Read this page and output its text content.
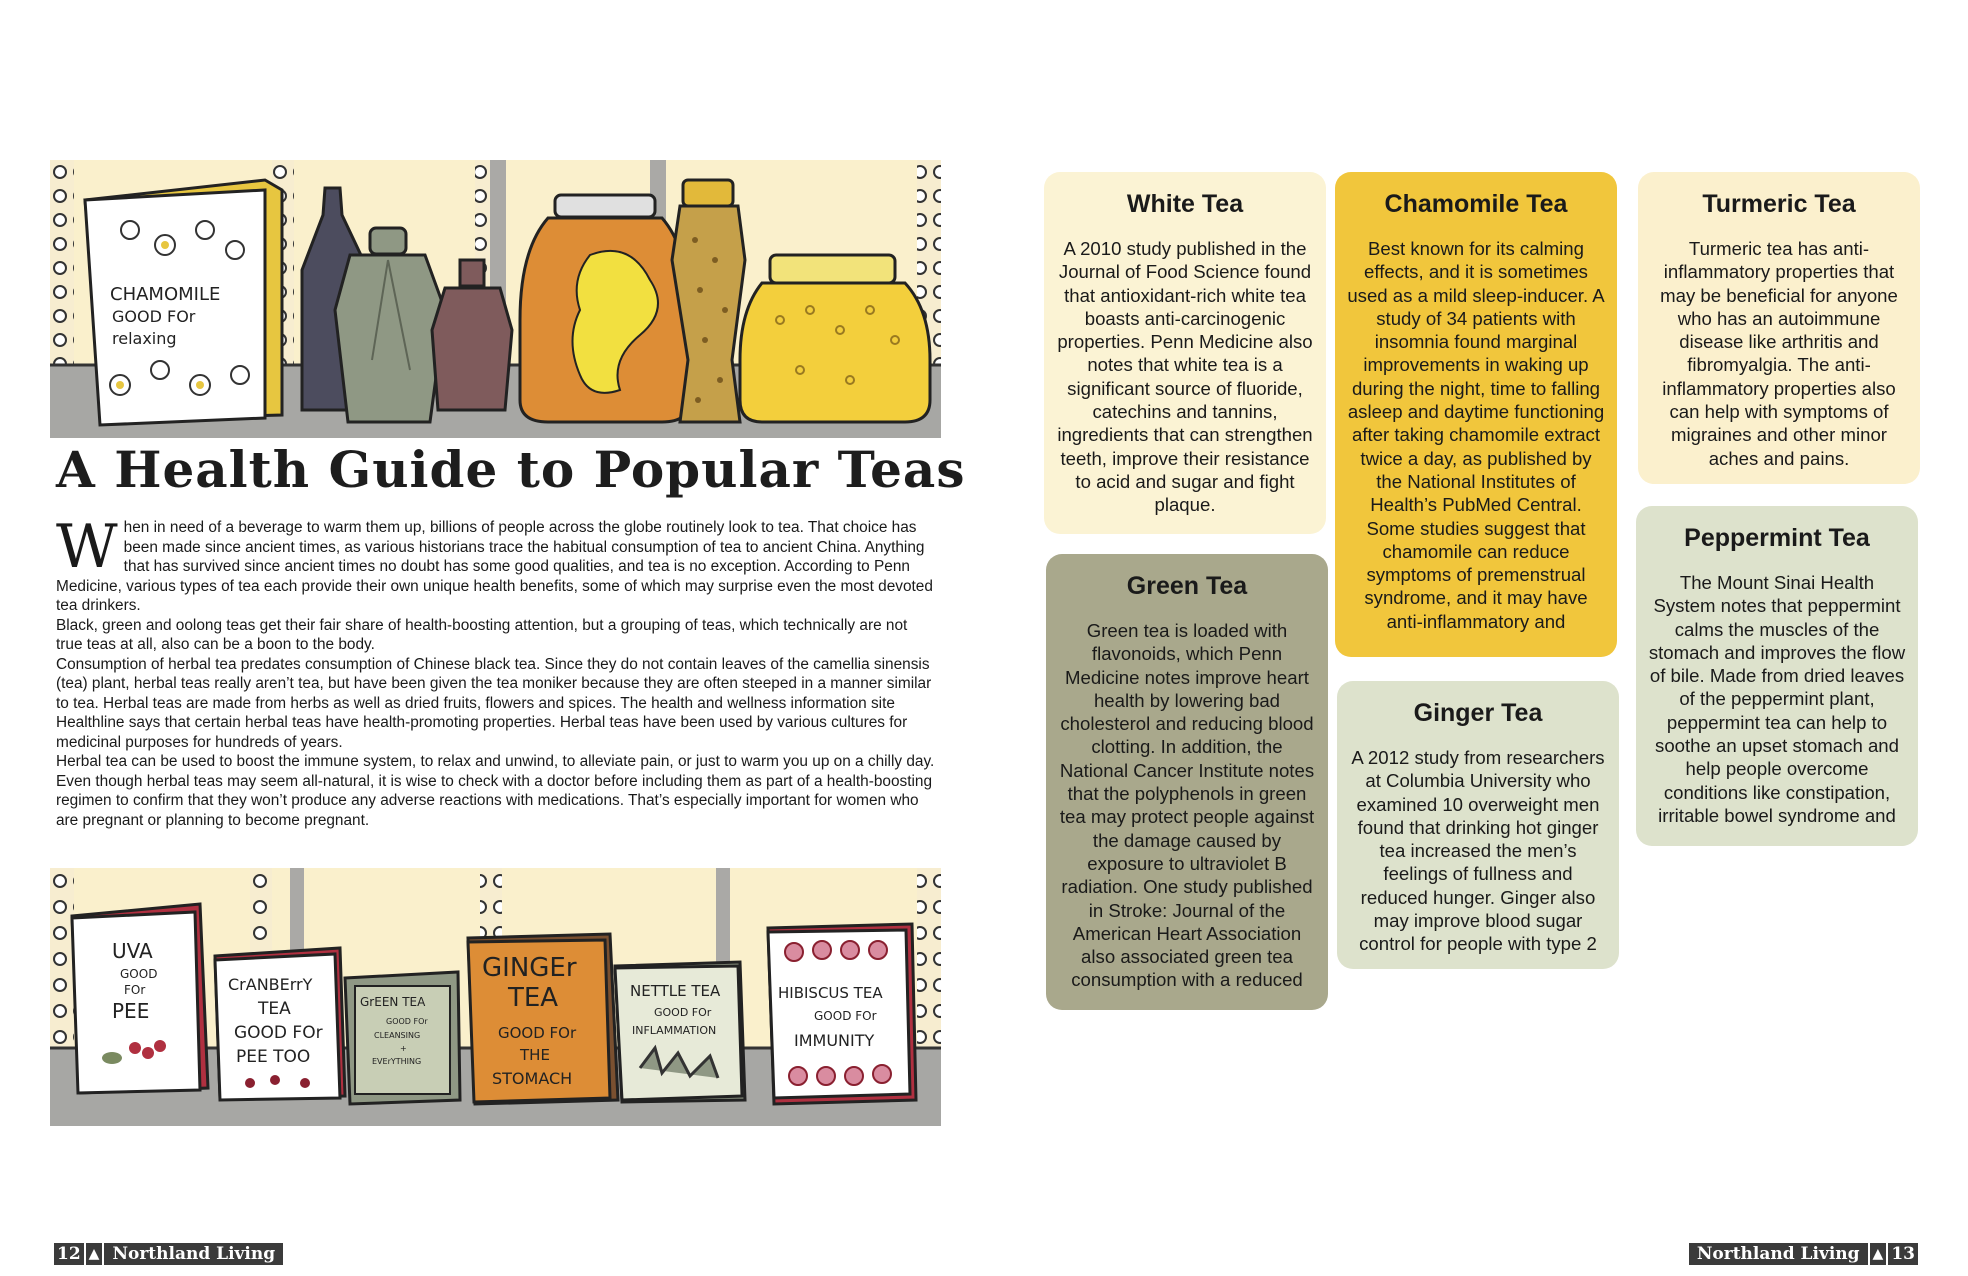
CHAMOMILE
GOOD FOr
relaxing
A Health Guide to Popular Teas

When in need of a beverage to warm them up, billions of people across the globe routinely look to tea. That choice has been made since ancient times, as various historians trace the habitual consumption of tea to ancient China. Anything that has survived since ancient times no doubt has some good qualities, and tea is no exception. According to Penn Medicine, various types of tea each provide their own unique health benefits, some of which may surprise even the most devoted tea drinkers.

Black, green and oolong teas get their fair share of health-boosting attention, but a grouping of teas, which technically are not true teas at all, also can be a boon to the body.

Consumption of herbal tea predates consumption of Chinese black tea. Since they do not contain leaves of the camellia sinensis (tea) plant, herbal teas really aren’t tea, but have been given the tea moniker because they are often steeped in a manner similar to tea. Herbal teas are made from herbs as well as dried fruits, flowers and spices. The health and wellness information site Healthline says that certain herbal teas have health-promoting properties. Herbal teas have been used by various cultures for medicinal purposes for hundreds of years.

Herbal tea can be used to boost the immune system, to relax and unwind, to alleviate pain, or just to warm you up on a chilly day. Even though herbal teas may seem all-natural, it is wise to check with a doctor before including them as part of a health-boosting regimen to confirm that they won’t produce any adverse reactions with medications. That’s especially important for women who are pregnant or planning to become pregnant.

UVA
GOOD
FOr
PEE
CrANBErrY
TEA
GOOD FOr
PEE TOO
GrEEN TEA
GOOD FOr
CLEANSING
+
EVErYTHING
GINGEr
TEA
GOOD FOr
THE
STOMACH
NETTLE TEA
GOOD FOr
INFLAMMATION
HIBISCUS TEA
GOOD FOr
IMMUNITY
White Tea

A 2010 study published in the Journal of Food Science found that antioxidant-rich white tea boasts anti-carcinogenic properties. Penn Medicine also notes that white tea is a significant source of fluoride, catechins and tannins, ingredients that can strengthen teeth, improve their resistance to acid and sugar and fight plaque.

Green Tea

Green tea is loaded with flavonoids, which Penn Medicine notes improve heart health by lowering bad cholesterol and reducing blood clotting. In addition, the National Cancer Institute notes that the polyphenols in green tea may protect people against the damage caused by exposure to ultraviolet B radiation. One study published in Stroke: Journal of the American Heart Association also associated green tea consumption with a reduced

Chamomile Tea

Best known for its calming effects, and it is sometimes used as a mild sleep-inducer. A study of 34 patients with insomnia found marginal improvements in waking up during the night, time to falling asleep and daytime functioning after taking chamomile extract twice a day, as published by the National Institutes of Health’s PubMed Central. Some studies suggest that chamomile can reduce symptoms of premenstrual syndrome, and it may have anti-inflammatory and

Ginger Tea

A 2012 study from researchers at Columbia University who examined 10 overweight men found that drinking hot ginger tea increased the men’s feelings of fullness and reduced hunger. Ginger also may improve blood sugar control for people with type 2

Turmeric Tea

Turmeric tea has anti-inflammatory properties that may be beneficial for anyone who has an autoimmune disease like arthritis and fibromyalgia. The anti-inflammatory properties also can help with symptoms of migraines and other minor aches and pains.

Peppermint Tea

The Mount Sinai Health System notes that peppermint calms the muscles of the stomach and improves the flow of bile. Made from dried leaves of the peppermint plant, peppermint tea can help to soothe an upset stomach and help people overcome conditions like constipation, irritable bowel syndrome and

12 ▲ Northland Living	Northland Living ▲ 13
